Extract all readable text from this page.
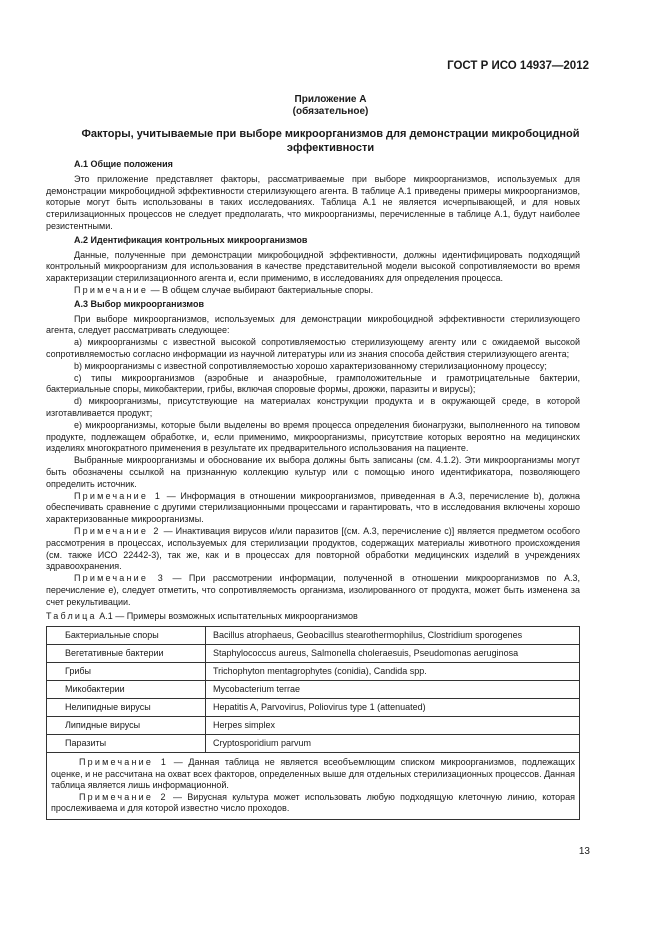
ГОСТ Р ИСО 14937—2012
Приложение А
(обязательное)
Факторы, учитываемые при выборе микроорганизмов для демонстрации микробоцидной эффективности
А.1 Общие положения

Это приложение представляет факторы, рассматриваемые при выборе микроорганизмов, используемых для демонстрации микробоцидной эффективности стерилизующего агента. В таблице А.1 приведены примеры микроорганизмов, которые могут быть использованы в таких исследованиях. Таблица А.1 не является исчерпывающей, и для новых стерилизационных процессов не следует предполагать, что микроорганизмы, перечисленные в таблице А.1, будут наиболее резистентными.

А.2 Идентификация контрольных микроорганизмов

Данные, полученные при демонстрации микробоцидной эффективности, должны идентифицировать подходящий контрольный микроорганизм для использования в качестве представительной модели высокой сопротивляемости во время характеризации стерилизационного агента и, если применимо, в исследованиях для определения процесса.

Примечание — В общем случае выбирают бактериальные споры.

А.3 Выбор микроорганизмов

При выборе микроорганизмов, используемых для демонстрации микробоцидной эффективности стерилизующего агента, следует рассматривать следующее:

a) микроорганизмы с известной высокой сопротивляемостью стерилизующему агенту или с ожидаемой высокой сопротивляемостью согласно информации из научной литературы или из знания способа действия стерилизующего агента;

b) микроорганизмы с известной сопротивляемостью хорошо характеризованному стерилизационному процессу;

c) типы микроорганизмов (аэробные и анаэробные, грамположительные и грамотрицательные бактерии, бактериальные споры, микобактерии, грибы, включая споровые формы, дрожжи, паразиты и вирусы);

d) микроорганизмы, присутствующие на материалах конструкции продукта и в окружающей среде, в которой изготавливается продукт;

e) микроорганизмы, которые были выделены во время процесса определения бионагрузки, выполненного на типовом продукте, подлежащем обработке, и, если применимо, микроорганизмы, присутствие которых вероятно на медицинских изделиях многократного применения в результате их предварительного использования на пациенте.

Выбранные микроорганизмы и обоснование их выбора должны быть записаны (см. 4.1.2). Эти микроорганизмы могут быть обозначены ссылкой на признанную коллекцию культур или с помощью иного идентификатора, позволяющего определить источник.

Примечание 1 — Информация в отношении микроорганизмов, приведенная в А.3, перечисление b), должна обеспечивать сравнение с другими стерилизационными процессами и гарантировать, что в исследования включены хорошо характеризованные микроорганизмы.

Примечание 2 — Инактивация вирусов и/или паразитов [(см. А.3, перечисление c)] является предметом особого рассмотрения в процессах, используемых для стерилизации продуктов, содержащих материалы животного происхождения (см. также ИСО 22442-3), так же, как и в процессах для повторной обработки медицинских изделий в учреждениях здравоохранения.

Примечание 3 — При рассмотрении информации, полученной в отношении микроорганизмов по А.3, перечисление e), следует отметить, что сопротивляемость организма, изолированного от продукта, может быть изменена за счет рекультивации.

Таблица А.1 — Примеры возможных испытательных микроорганизмов
Бактериальные споры	Bacillus atrophaeus, Geobacillus stearothermophilus, Clostridium sporogenes
Вегетативные бактерии	Staphylococcus aureus, Salmonella choleraesuis, Pseudomonas aeruginosa
Грибы	Trichophyton mentagrophytes (conidia), Candida spp.
Микобактерии	Mycobacterium terrae
Нелипидные вирусы	Hepatitis A, Parvovirus, Poliovirus type 1 (attenuated)
Липидные вирусы	Herpes simplex
Паразиты	Cryptosporidium parvum

Примечание 1 — Данная таблица не является всеобъемлющим списком микроорганизмов, подлежащих оценке, и не рассчитана на охват всех факторов, определенных выше для отдельных стерилизационных процессов. Данная таблица является лишь информационной.

Примечание 2 — Вирусная культура может использовать любую подходящую клеточную линию, которая прослеживаема и для которой известно число проходов.	

13
